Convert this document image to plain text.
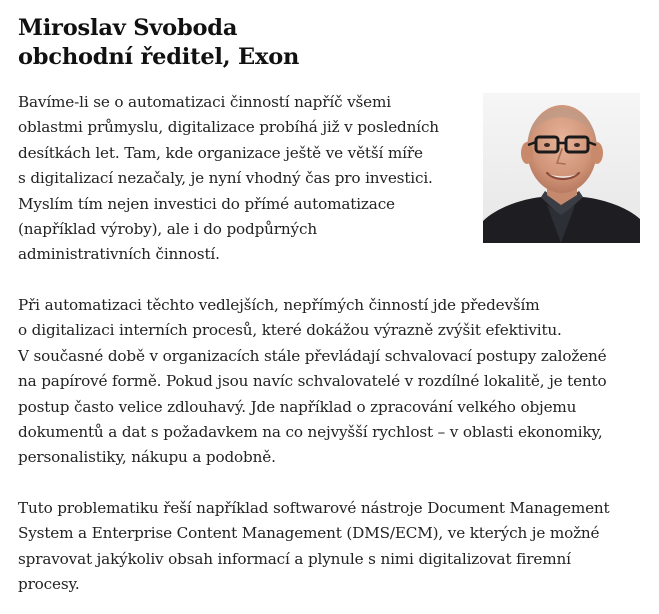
Miroslav Svoboda
obchodní ředitel, Exon

Bavíme-li se o automatizaci činností napříč všemi
oblastmi průmyslu, digitalizace probíhá již v posledních
desítkách let. Tam, kde organizace ještě ve větší míře
s digitalizací nezačaly, je nyní vhodný čas pro investici.
Myslím tím nejen investici do přímé automatizace
(například výroby), ale i do podpůrných
administrativních činností.

Při automatizaci těchto vedlejších, nepřímých činností jde především
o digitalizaci interních procesů, které dokážou výrazně zvýšit efektivitu.
V současné době v organizacích stále převládají schvalovací postupy založené
na papírové formě. Pokud jsou navíc schvalovatelé v rozdílné lokalitě, je tento
postup často velice zdlouhavý. Jde například o zpracování velkého objemu
dokumentů a dat s požadavkem na co nejvyšší rychlost – v oblasti ekonomiky,
personalistiky, nákupu a podobně.

Tuto problematiku řeší například softwarové nástroje Document Management
System a Enterprise Content Management (DMS/ECM), ve kterých je možné
spravovat jakýkoliv obsah informací a plynule s nimi digitalizovat firemní
procesy.
